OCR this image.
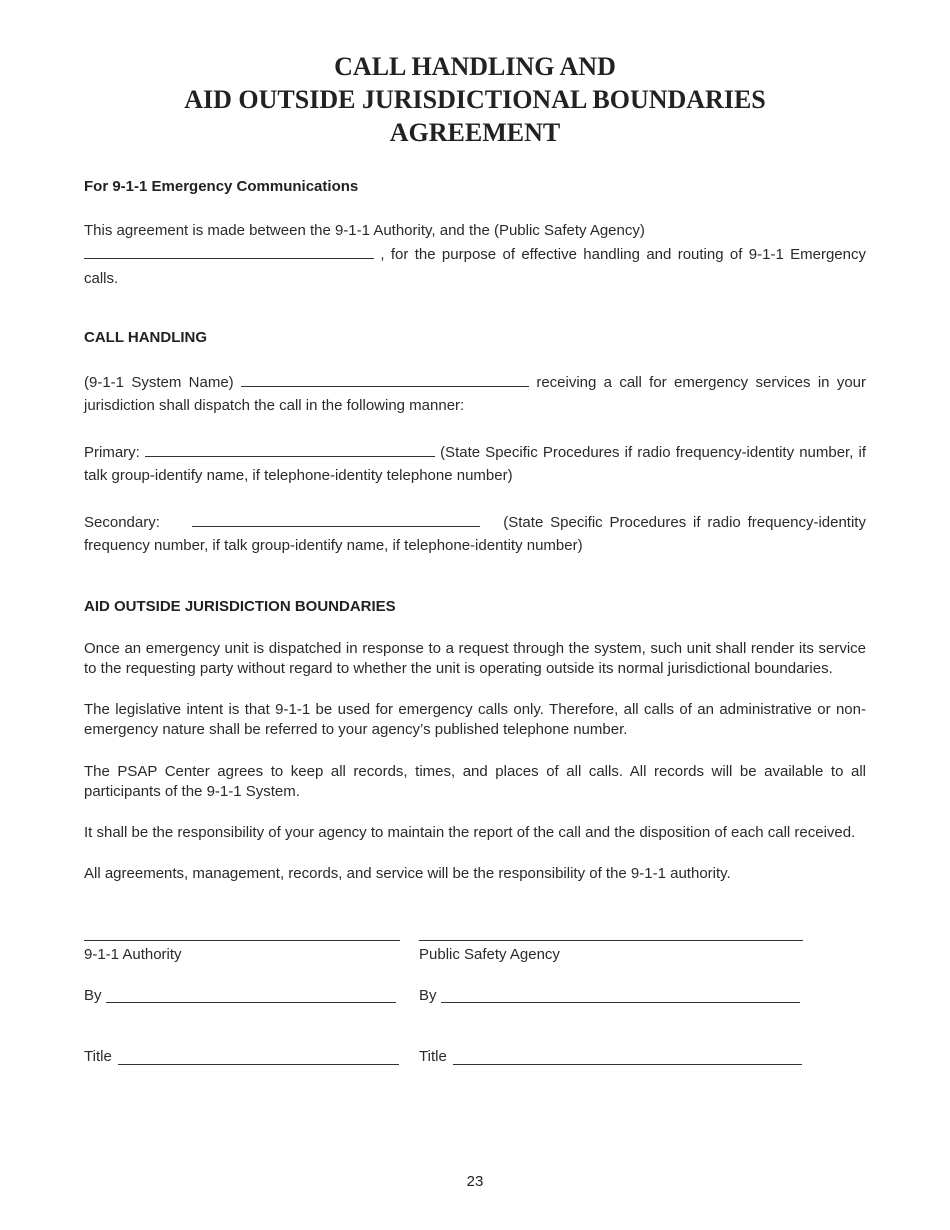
CALL HANDLING AND
AID OUTSIDE JURISDICTIONAL BOUNDARIES
AGREEMENT
For 9-1-1 Emergency Communications
This agreement is made between the 9-1-1 Authority, and the (Public Safety Agency)
, for the purpose of effective handling and routing of 9-1-1 Emergency calls.
CALL HANDLING
(9-1-1 System Name)	receiving a call for emergency services in your jurisdiction shall dispatch the call in the following manner:
Primary:	(State Specific Procedures if radio frequency-identity number, if talk group-identify name, if telephone-identity telephone number)
Secondary:	(State Specific Procedures if radio frequency-identity frequency number, if talk group-identify name, if telephone-identity number)
AID OUTSIDE JURISDICTION BOUNDARIES
Once an emergency unit is dispatched in response to a request through the system, such unit shall render its service to the requesting party without regard to whether the unit is operating outside its normal jurisdictional boundaries.
The legislative intent is that 9-1-1 be used for emergency calls only. Therefore, all calls of an administrative or non-emergency nature shall be referred to your agency’s published telephone number.
The PSAP Center agrees to keep all records, times, and places of all calls. All records will be available to all participants of the 9-1-1 System.
It shall be the responsibility of your agency to maintain the report of the call and the disposition of each call received.
All agreements, management, records, and service will be the responsibility of the 9-1-1 authority.
9-1-1 Authority	Public Safety Agency
By	By
Title	Title
23
